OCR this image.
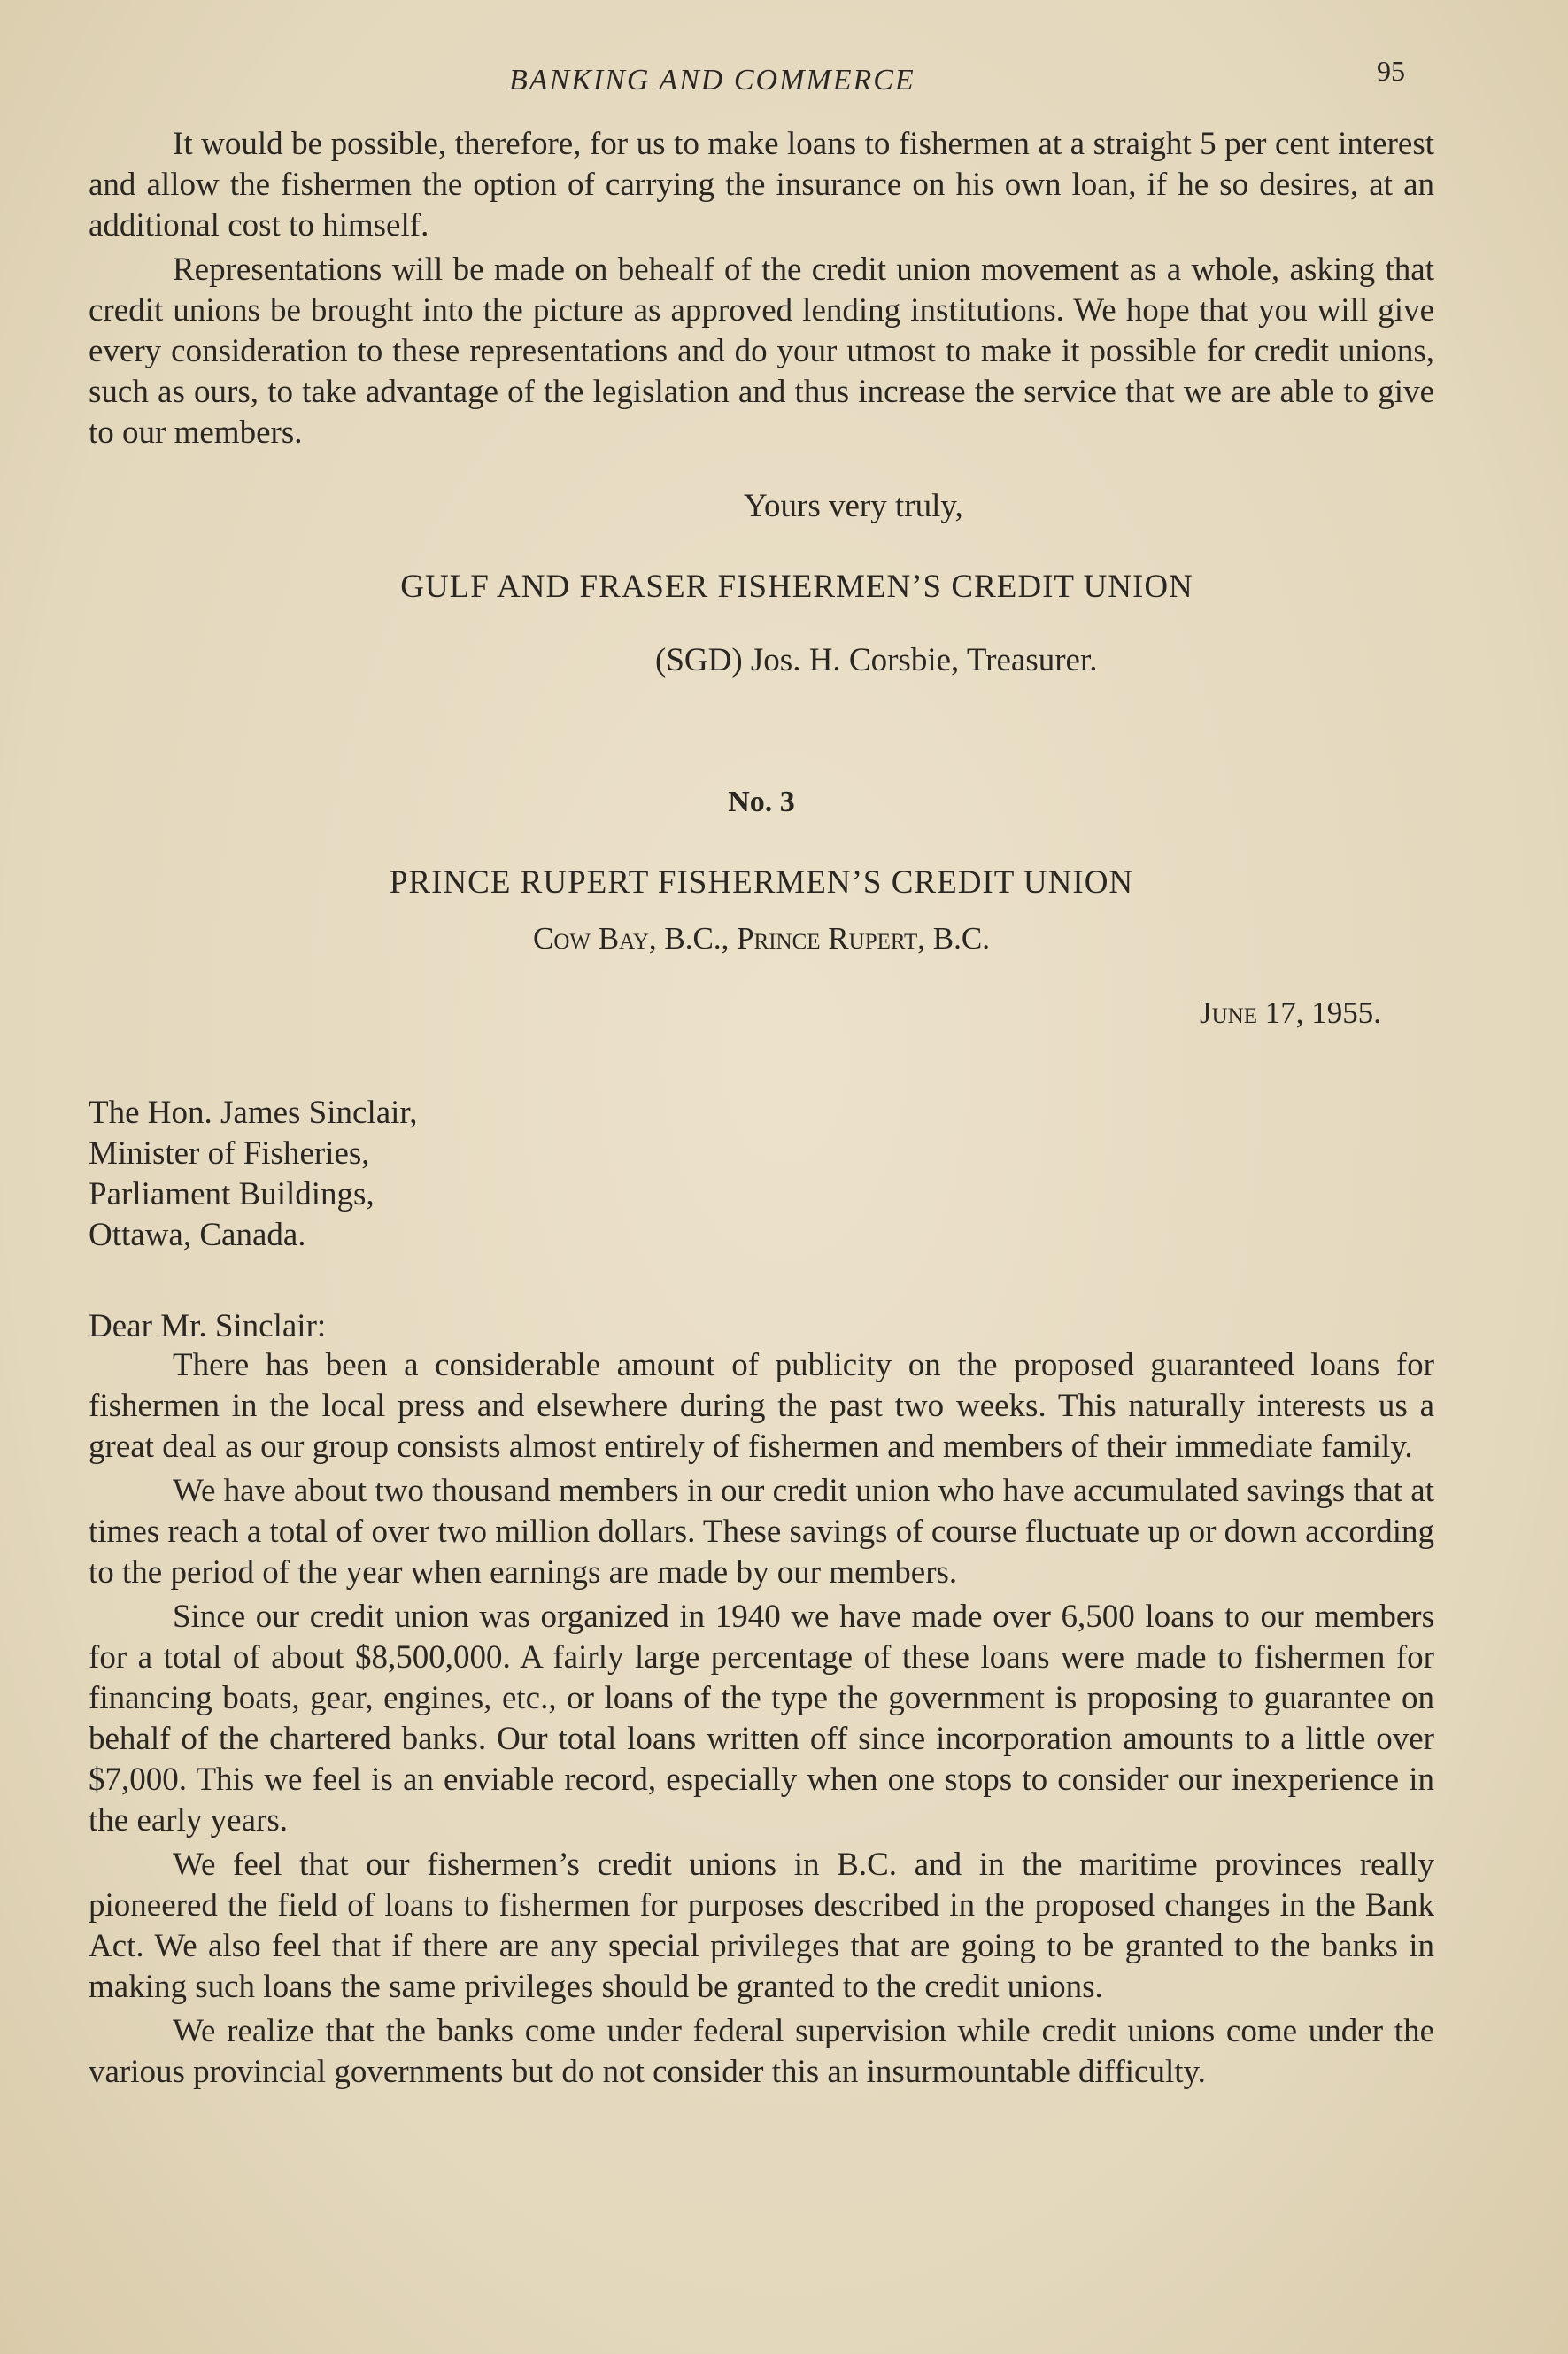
BANKING AND COMMERCE	95

It would be possible, therefore, for us to make loans to fishermen at a straight 5 per cent interest and allow the fishermen the option of carrying the insurance on his own loan, if he so desires, at an additional cost to himself.

Representations will be made on behealf of the credit union movement as a whole, asking that credit unions be brought into the picture as approved lending institutions. We hope that you will give every consideration to these representations and do your utmost to make it possible for credit unions, such as ours, to take advantage of the legislation and thus increase the service that we are able to give to our members.

Yours very truly,
GULF AND FRASER FISHERMEN’S CREDIT UNION
(SGD) Jos. H. Corsbie, Treasurer.
No. 3
PRINCE RUPERT FISHERMEN’S CREDIT UNION
Cow Bay, B.C., Prince Rupert, B.C.
June 17, 1955.
The Hon. James Sinclair,
Minister of Fisheries,
Parliament Buildings,
Ottawa, Canada.
Dear Mr. Sinclair:

There has been a considerable amount of publicity on the proposed guaranteed loans for fishermen in the local press and elsewhere during the past two weeks. This naturally interests us a great deal as our group consists almost entirely of fishermen and members of their immediate family.

We have about two thousand members in our credit union who have accumulated savings that at times reach a total of over two million dollars. These savings of course fluctuate up or down according to the period of the year when earnings are made by our members.

Since our credit union was organized in 1940 we have made over 6,500 loans to our members for a total of about $8,500,000. A fairly large percentage of these loans were made to fishermen for financing boats, gear, engines, etc., or loans of the type the government is proposing to guarantee on behalf of the chartered banks. Our total loans written off since incorporation amounts to a little over $7,000. This we feel is an enviable record, especially when one stops to consider our inexperience in the early years.

We feel that our fishermen’s credit unions in B.C. and in the maritime provinces really pioneered the field of loans to fishermen for purposes described in the proposed changes in the Bank Act. We also feel that if there are any special privileges that are going to be granted to the banks in making such loans the same privileges should be granted to the credit unions.

We realize that the banks come under federal supervision while credit unions come under the various provincial governments but do not consider this an insurmountable difficulty.
